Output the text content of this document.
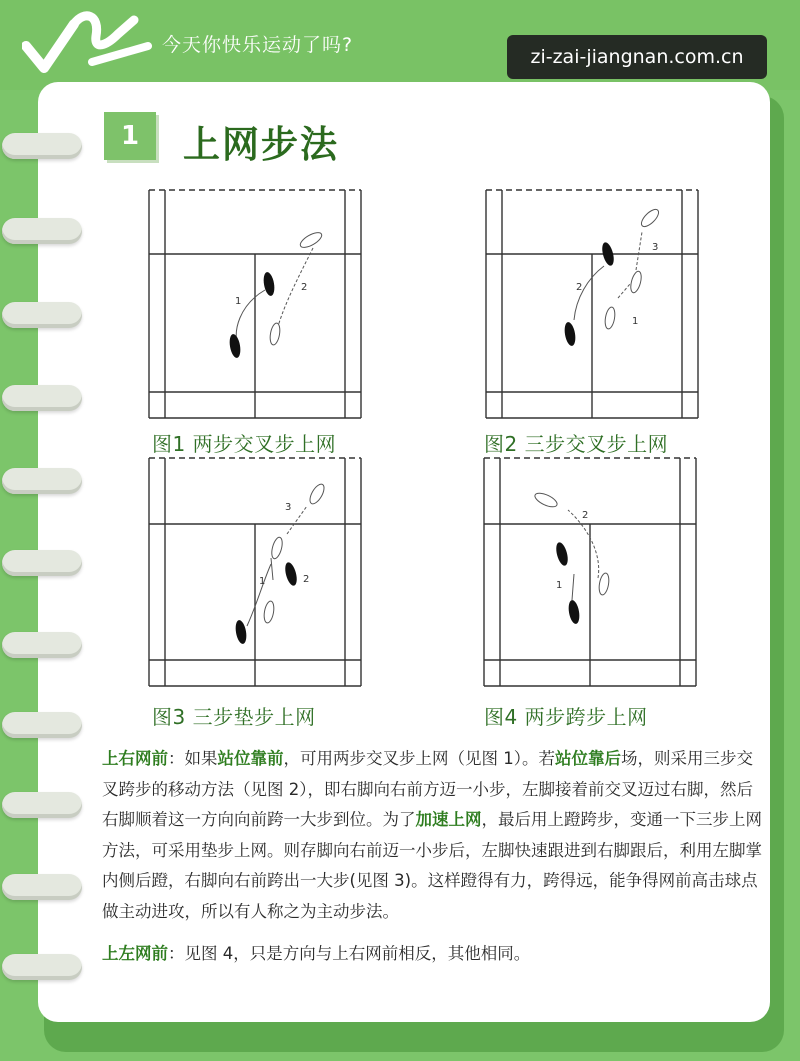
今天你快乐运动了吗?
zi-zai-jiangnan.com.cn
1	上网步法
1
2
图1 两步交叉步上网
2
1
3
图2 三步交叉步上网
1	2
3
图3 三步垫步上网
1
2
图4 两步跨步上网

上右网前：如果站位靠前，可用两步交叉步上网（见图 1）。若站位靠后场，则采用三步交叉跨步的移动方法（见图 2），即右脚向右前方迈一小步，左脚接着前交叉迈过右脚，然后右脚顺着这一方向向前跨一大步到位。为了加速上网，最后用上蹬跨步，变通一下三步上网方法，可采用垫步上网。则存脚向右前迈一小步后，左脚快速跟进到右脚跟后，利用左脚掌内侧后蹬，右脚向右前跨出一大步(见图 3)。这样蹬得有力，跨得远，能争得网前高击球点做主动进攻，所以有人称之为主动步法。

上左网前：见图 4，只是方向与上右网前相反，其他相同。
